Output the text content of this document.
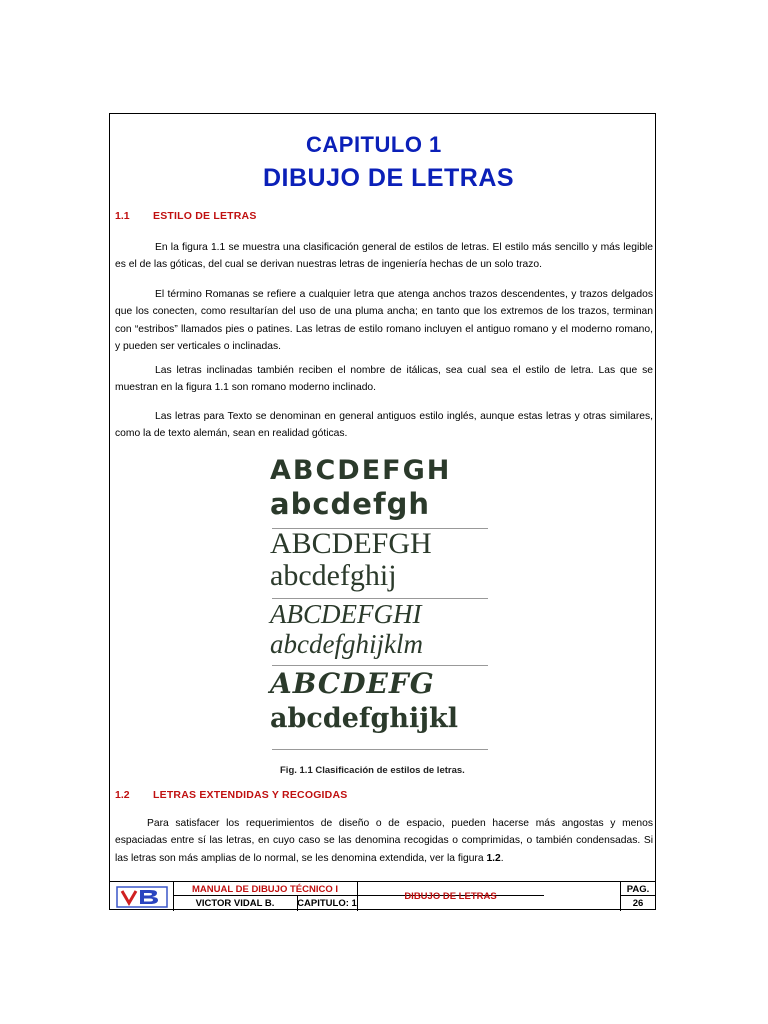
CAPITULO 1
DIBUJO DE LETRAS
1.1 ESTILO DE LETRAS

En la figura 1.1 se muestra una clasificación general de estilos de letras. El estilo más sencillo y más legible es el de las góticas, del cual se derivan nuestras letras de ingeniería hechas de un solo trazo.

El término Romanas se refiere a cualquier letra que atenga anchos trazos descendentes, y trazos delgados que los conecten, como resultarían del uso de una pluma ancha; en tanto que los extremos de los trazos, terminan con “estribos” llamados pies o patines. Las letras de estilo romano incluyen el antiguo romano y el moderno romano, y pueden ser verticales o inclinadas.

Las letras inclinadas también reciben el nombre de itálicas, sea cual sea el estilo de letra. Las que se muestran en la figura 1.1 son romano moderno inclinado.

Las letras para Texto se denominan en general antiguos estilo inglés, aunque estas letras y otras similares, como la de texto alemán, sean en realidad góticas.

ABCDEFGH
abcdefgh
ABCDEFGH
abcdefghij
ABCDEFGHI
abcdefghijklm
ABCDEFG
abcdefghijkl
Fig. 1.1 Clasificación de estilos de letras.
1.2 LETRAS EXTENDIDAS Y RECOGIDAS

Para satisfacer los requerimientos de diseño o de espacio, pueden hacerse más angostas y menos espaciadas entre sí las letras, en cuyo caso se las denomina recogidas o comprimidas, o también condensadas. Si las letras son más amplias de lo normal, se les denomina extendida, ver la figura 1.2.

MANUAL DE DIBUJO TÉCNICO I
VICTOR VIDAL B.	CAPITULO: 1
DIBUJO DE LETRAS
PAG.
26
